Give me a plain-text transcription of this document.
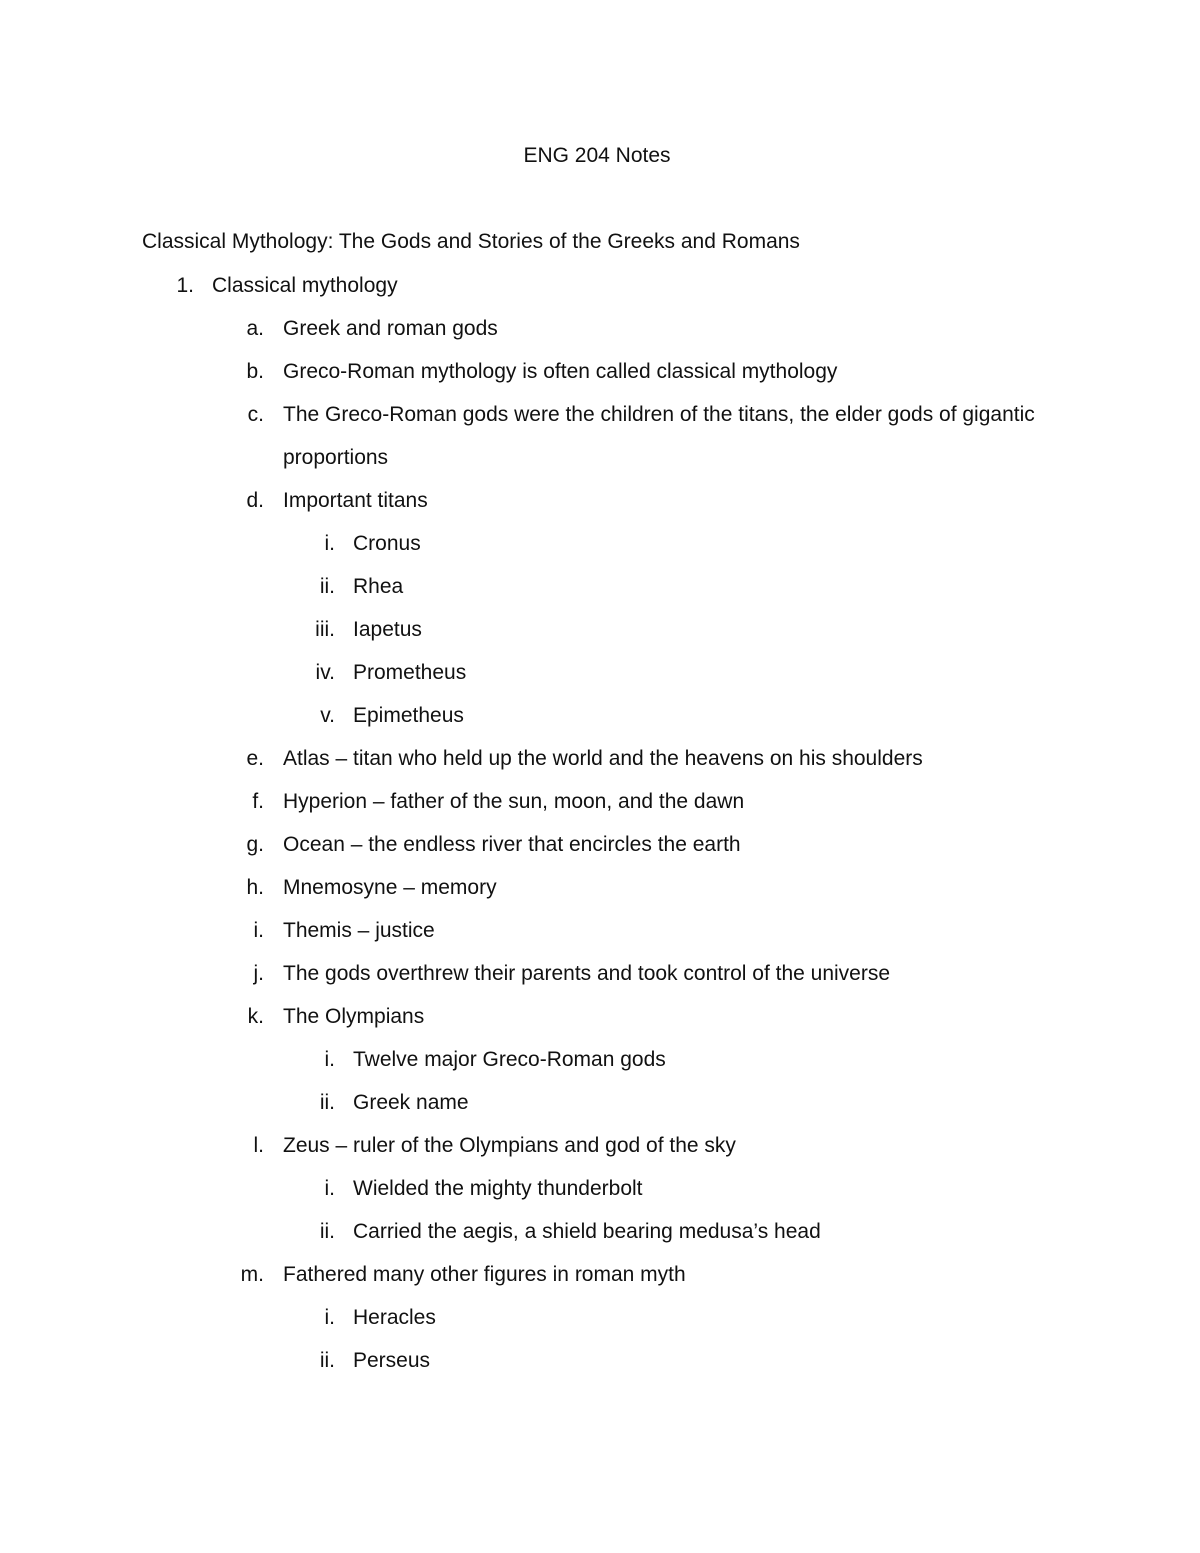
ENG 204 Notes
Classical Mythology: The Gods and Stories of the Greeks and Romans
1. Classical mythology
a. Greek and roman gods
b. Greco-Roman mythology is often called classical mythology
c. The Greco-Roman gods were the children of the titans, the elder gods of gigantic proportions
d. Important titans
i. Cronus
ii. Rhea
iii. Iapetus
iv. Prometheus
v. Epimetheus
e. Atlas – titan who held up the world and the heavens on his shoulders
f. Hyperion – father of the sun, moon, and the dawn
g. Ocean – the endless river that encircles the earth
h. Mnemosyne – memory
i. Themis – justice
j. The gods overthrew their parents and took control of the universe
k. The Olympians
i. Twelve major Greco-Roman gods
ii. Greek name
l. Zeus – ruler of the Olympians and god of the sky
i. Wielded the mighty thunderbolt
ii. Carried the aegis, a shield bearing medusa’s head
m. Fathered many other figures in roman myth
i. Heracles
ii. Perseus
